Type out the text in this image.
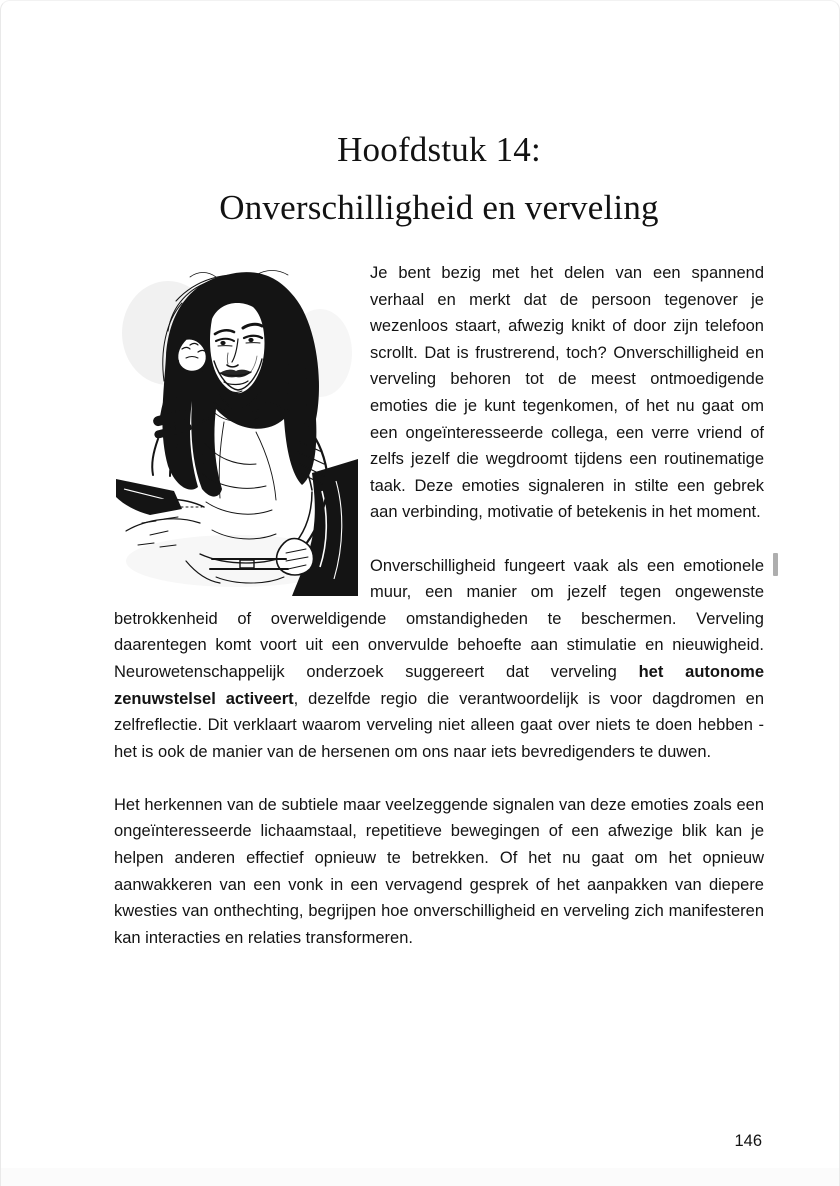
Hoofdstuk 14:
Onverschilligheid en verveling

Je bent bezig met het delen van een spannend verhaal en merkt dat de persoon tegenover je wezenloos staart, afwezig knikt of door zijn telefoon scrollt. Dat is frustrerend, toch? Onverschilligheid en verveling behoren tot de meest ontmoedigende emoties die je kunt tegenkomen, of het nu gaat om een ongeïnteresseerde collega, een verre vriend of zelfs jezelf die wegdroomt tijdens een routinematige taak. Deze emoties signaleren in stilte een gebrek aan verbinding, motivatie of betekenis in het moment.

Onverschilligheid fungeert vaak als een emotionele muur, een manier om jezelf tegen ongewenste betrokkenheid of overweldigende omstandigheden te beschermen. Verveling daarentegen komt voort uit een onvervulde behoefte aan stimulatie en nieuwigheid. Neurowetenschappelijk onderzoek suggereert dat verveling het autonome zenuwstelsel activeert, dezelfde regio die verantwoordelijk is voor dagdromen en zelfreflectie. Dit verklaart waarom verveling niet alleen gaat over niets te doen hebben - het is ook de manier van de hersenen om ons naar iets bevredigenders te duwen.

Het herkennen van de subtiele maar veelzeggende signalen van deze emoties zoals een ongeïnteresseerde lichaamstaal, repetitieve bewegingen of een afwezige blik kan je helpen anderen effectief opnieuw te betrekken. Of het nu gaat om het opnieuw aanwakkeren van een vonk in een vervagend gesprek of het aanpakken van diepere kwesties van onthechting, begrijpen hoe onverschilligheid en verveling zich manifesteren kan interacties en relaties transformeren.

146
